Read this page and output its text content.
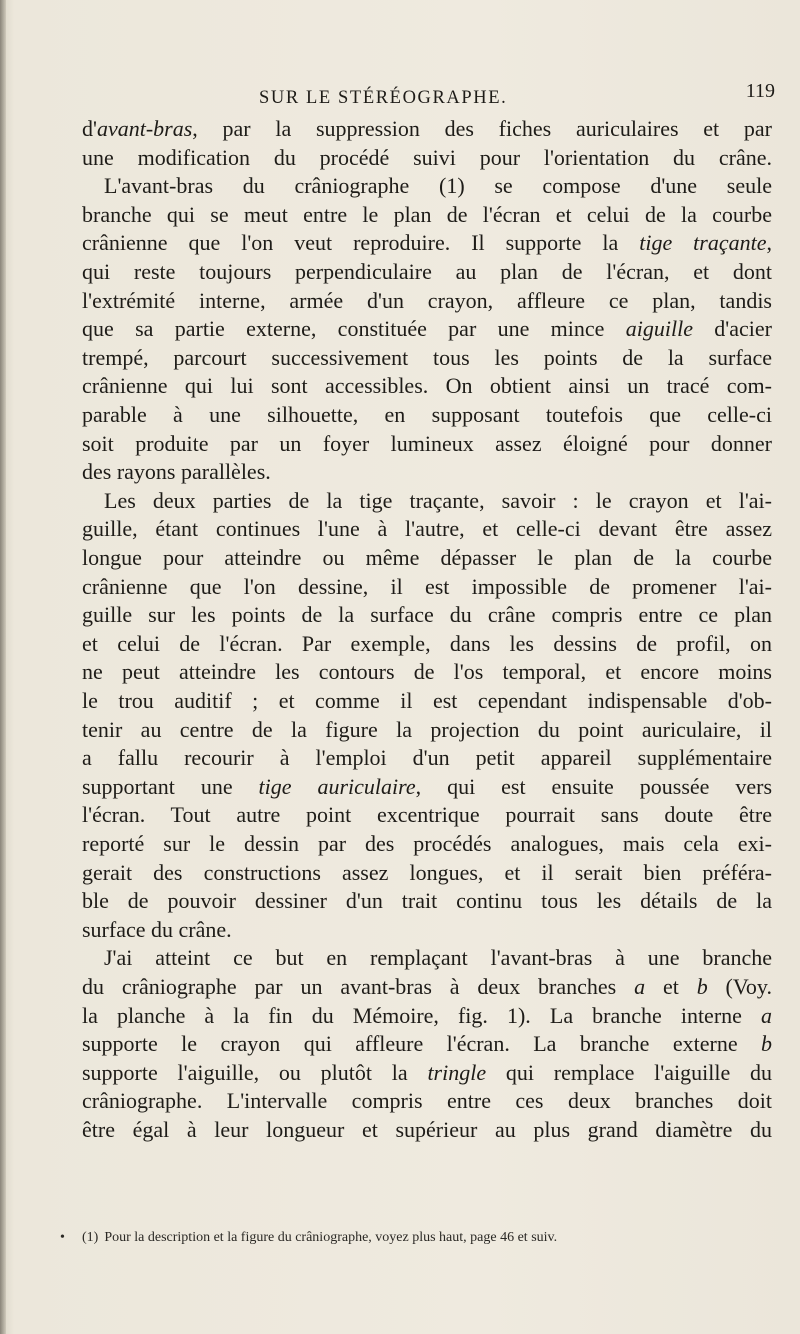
SUR LE STÉRÉOGRAPHE.	119
d'avant-bras, par la suppression des fiches auriculaires et par
une modification du procédé suivi pour l'orientation du crâne.
L'avant-bras du crâniographe (1) se compose d'une seule
branche qui se meut entre le plan de l'écran et celui de la courbe
crânienne que l'on veut reproduire. Il supporte la tige traçante,
qui reste toujours perpendiculaire au plan de l'écran, et dont
l'extrémité interne, armée d'un crayon, affleure ce plan, tandis
que sa partie externe, constituée par une mince aiguille d'acier
trempé, parcourt successivement tous les points de la surface
crânienne qui lui sont accessibles. On obtient ainsi un tracé com-
parable à une silhouette, en supposant toutefois que celle-ci
soit produite par un foyer lumineux assez éloigné pour donner
des rayons parallèles.
Les deux parties de la tige traçante, savoir : le crayon et l'ai-
guille, étant continues l'une à l'autre, et celle-ci devant être assez
longue pour atteindre ou même dépasser le plan de la courbe
crânienne que l'on dessine, il est impossible de promener l'ai-
guille sur les points de la surface du crâne compris entre ce plan
et celui de l'écran. Par exemple, dans les dessins de profil, on
ne peut atteindre les contours de l'os temporal, et encore moins
le trou auditif ; et comme il est cependant indispensable d'ob-
tenir au centre de la figure la projection du point auriculaire, il
a fallu recourir à l'emploi d'un petit appareil supplémentaire
supportant une tige auriculaire, qui est ensuite poussée vers
l'écran. Tout autre point excentrique pourrait sans doute être
reporté sur le dessin par des procédés analogues, mais cela exi-
gerait des constructions assez longues, et il serait bien préféra-
ble de pouvoir dessiner d'un trait continu tous les détails de la
surface du crâne.
J'ai atteint ce but en remplaçant l'avant-bras à une branche
du crâniographe par un avant-bras à deux branches a et b (Voy.
la planche à la fin du Mémoire, fig. 1). La branche interne a
supporte le crayon qui affleure l'écran. La branche externe b
supporte l'aiguille, ou plutôt la tringle qui remplace l'aiguille du
crâniographe. L'intervalle compris entre ces deux branches doit
être égal à leur longueur et supérieur au plus grand diamètre du
• (1) Pour la description et la figure du crâniographe, voyez plus haut, page 46 et suiv.
